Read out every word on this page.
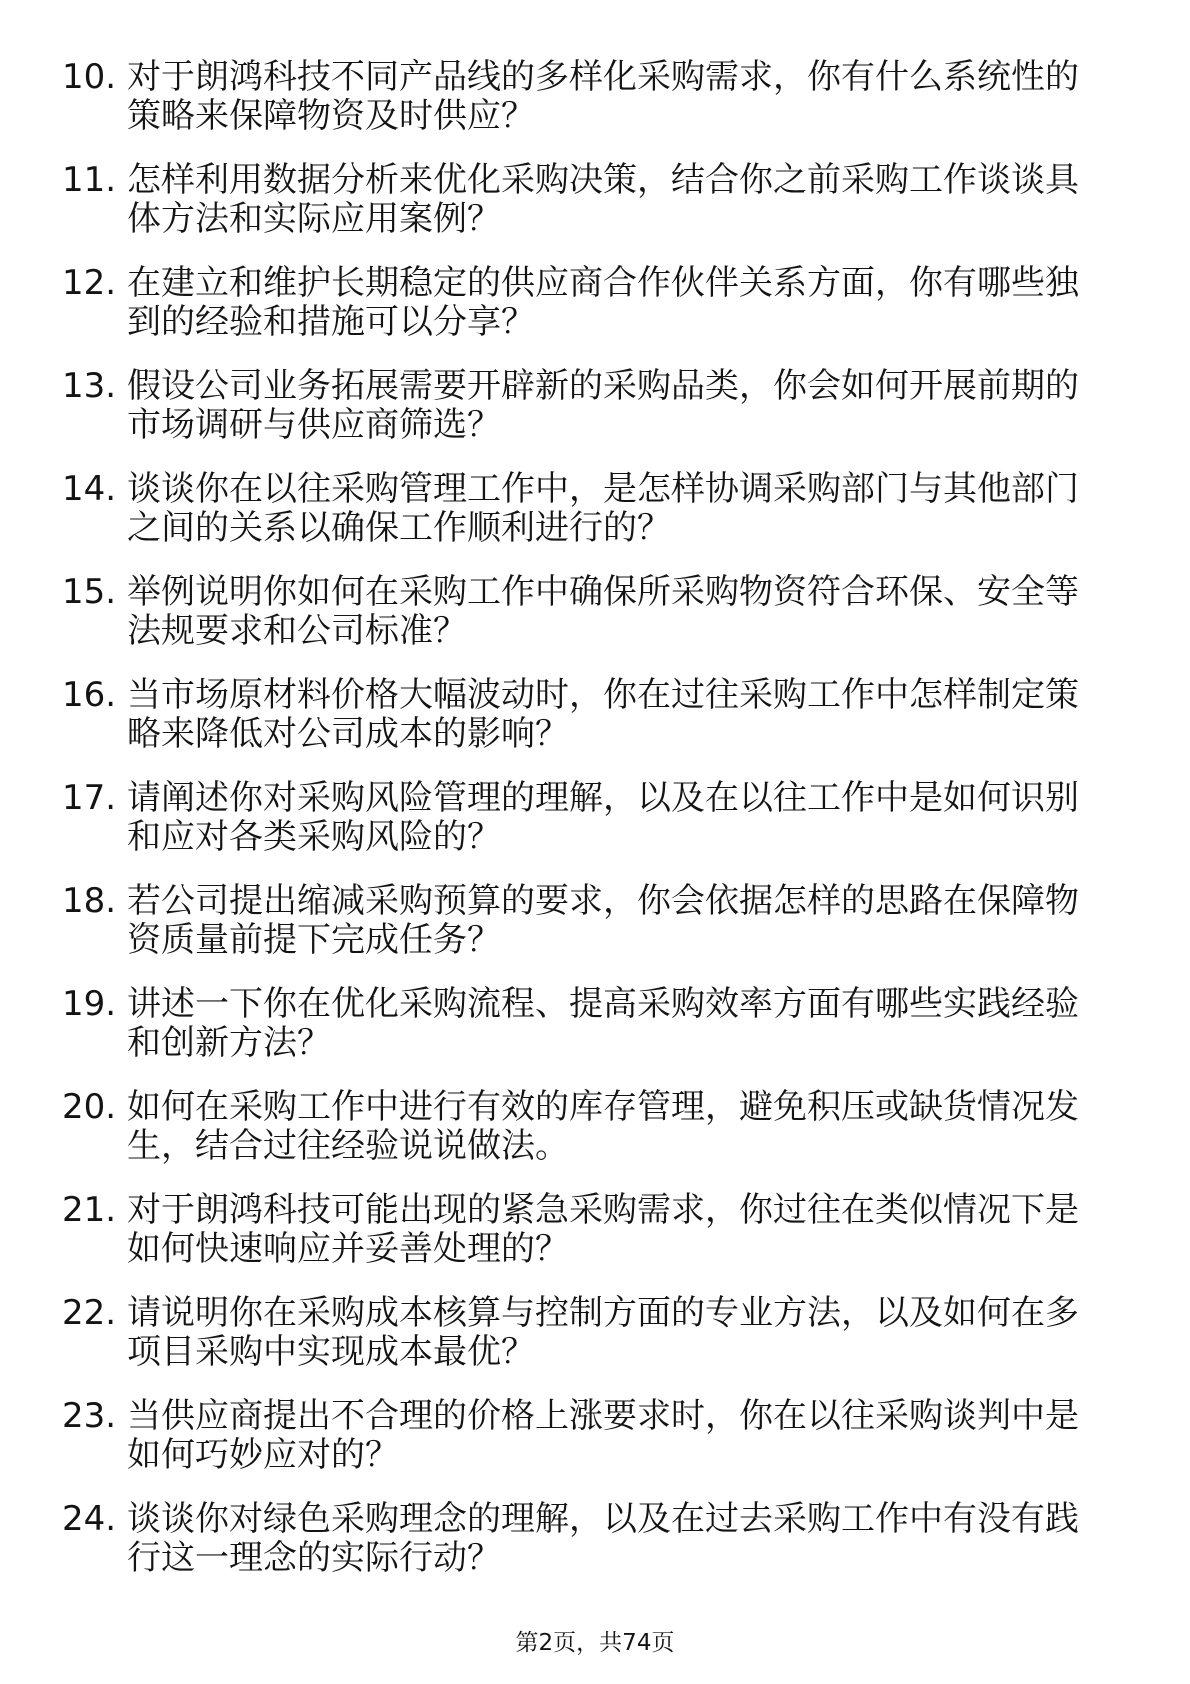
10. 对于朗鸿科技不同产品线的多样化采购需求，你有什么系统性的
策略来保障物资及时供应？
11. 怎样利用数据分析来优化采购决策，结合你之前采购工作谈谈具
体方法和实际应用案例？
12. 在建立和维护长期稳定的供应商合作伙伴关系方面，你有哪些独
到的经验和措施可以分享？
13. 假设公司业务拓展需要开辟新的采购品类，你会如何开展前期的
市场调研与供应商筛选？
14. 谈谈你在以往采购管理工作中，是怎样协调采购部门与其他部门
之间的关系以确保工作顺利进行的？
15. 举例说明你如何在采购工作中确保所采购物资符合环保、安全等
法规要求和公司标准？
16. 当市场原材料价格大幅波动时，你在过往采购工作中怎样制定策
略来降低对公司成本的影响？
17. 请阐述你对采购风险管理的理解，以及在以往工作中是如何识别
和应对各类采购风险的？
18. 若公司提出缩减采购预算的要求，你会依据怎样的思路在保障物
资质量前提下完成任务？
19. 讲述一下你在优化采购流程、提高采购效率方面有哪些实践经验
和创新方法？
20. 如何在采购工作中进行有效的库存管理，避免积压或缺货情况发
生，结合过往经验说说做法。
21. 对于朗鸿科技可能出现的紧急采购需求，你过往在类似情况下是
如何快速响应并妥善处理的？
22. 请说明你在采购成本核算与控制方面的专业方法，以及如何在多
项目采购中实现成本最优？
23. 当供应商提出不合理的价格上涨要求时，你在以往采购谈判中是
如何巧妙应对的？
24. 谈谈你对绿色采购理念的理解，以及在过去采购工作中有没有践
行这一理念的实际行动？
第2页，共74页
